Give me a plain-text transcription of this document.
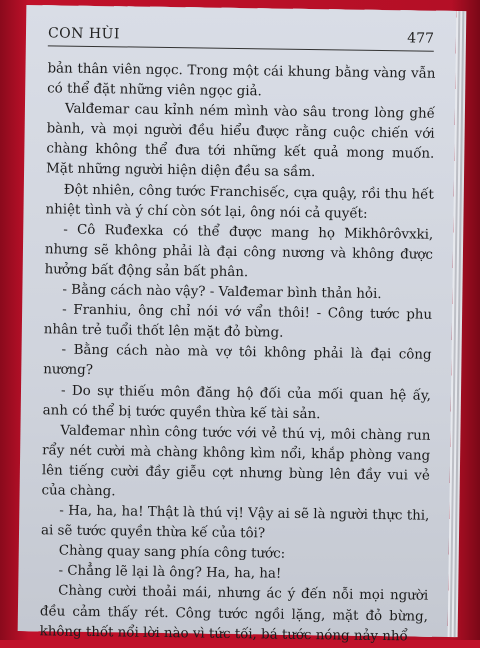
CON HÙI	477

bản thân viên ngọc. Trong một cái khung bằng vàng vẫn có thể đặt những viên ngọc giả.

Valđemar cau kỉnh ném mình vào sâu trong lòng ghế bành, và mọi người đều hiểu được rằng cuộc chiến với chàng không thể đưa tới những kết quả mong muốn. Mặt những người hiện diện đều sa sầm.

Đột nhiên, công tước Franchisếc, cựa quậy, rồi thu hết nhiệt tình và ý chí còn sót lại, ông nói cả quyết:

- Cô Ruđexka có thể được mang họ Mikhôrôvxki, nhưng sẽ không phải là đại công nương và không được hưởng bất động sản bất phân.

- Bằng cách nào vậy? - Valđemar bình thản hỏi.

- Franhiu, ông chỉ nói vớ vẩn thôi! - Công tước phu nhân trẻ tuổi thốt lên mặt đỏ bừng.

- Bằng cách nào mà vợ tôi không phải là đại công nương?

- Do sự thiếu môn đăng hộ đối của mối quan hệ ấy, anh có thể bị tước quyền thừa kế tài sản.

Valđemar nhìn công tước với vẻ thú vị, môi chàng run rẩy nét cười mà chàng không kìm nổi, khắp phòng vang lên tiếng cười đầy giễu cợt nhưng bùng lên đầy vui vẻ của chàng.

- Ha, ha, ha! Thật là thú vị! Vậy ai sẽ là người thực thi, ai sẽ tước quyền thừa kế của tôi?

Chàng quay sang phía công tước:

- Chẳng lẽ lại là ông? Ha, ha, ha!

Chàng cười thoải mái, nhưng ác ý đến nỗi mọi người đều cảm thấy rét. Công tước ngồi lặng, mặt đỏ bừng, không thốt nổi lời nào vì tức tối, bá tước nóng nảy nhổ
